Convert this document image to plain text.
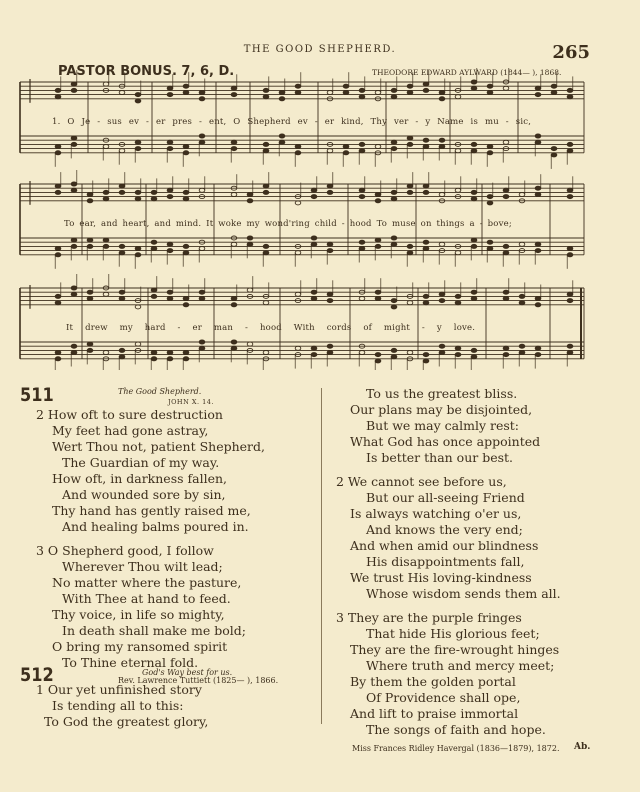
THE GOOD SHEPHERD.	265
PASTOR BONUS. 7, 6, D.	THEODORE EDWARD AYLWARD (1844— ), 1868.
1. O Je - sus ev - er pres - ent, O Shepherd ev - er kind, Thy ver - y Name is mu - sic,
To ear, and heart, and mind. It woke my wond'ring child - hood To muse on things a - bove;
It drew my hard - er man - hood With cords of might - y love.
511	The Good Shepherd.
JOHN X. 14.
2 How oft to sure destruction
My feet had gone astray,
Wert Thou not, patient Shepherd,
The Guardian of my way.
How oft, in darkness fallen,
And wounded sore by sin,
Thy hand has gently raised me,
And healing balms poured in.
3 O Shepherd good, I follow
Wherever Thou wilt lead;
No matter where the pasture,
With Thee at hand to feed.
Thy voice, in life so mighty,
In death shall make me bold;
O bring my ransomed spirit
To Thine eternal fold.
Rev. Lawrence Tuttiett (1825— ), 1866.
512	God's Way best for us.
1 Our yet unfinished story
Is tending all to this:
To God the greatest glory,
To us the greatest bliss.
Our plans may be disjointed,
But we may calmly rest:
What God has once appointed
Is better than our best.
2 We cannot see before us,
But our all-seeing Friend
Is always watching o'er us,
And knows the very end;
And when amid our blindness
His disappointments fall,
We trust His loving-kindness
Whose wisdom sends them all.
3 They are the purple fringes
That hide His glorious feet;
They are the fire-wrought hinges
Where truth and mercy meet;
By them the golden portal
Of Providence shall ope,
And lift to praise immortal
The songs of faith and hope.
Miss Frances Ridley Havergal (1836—1879), 1872. Ab.
